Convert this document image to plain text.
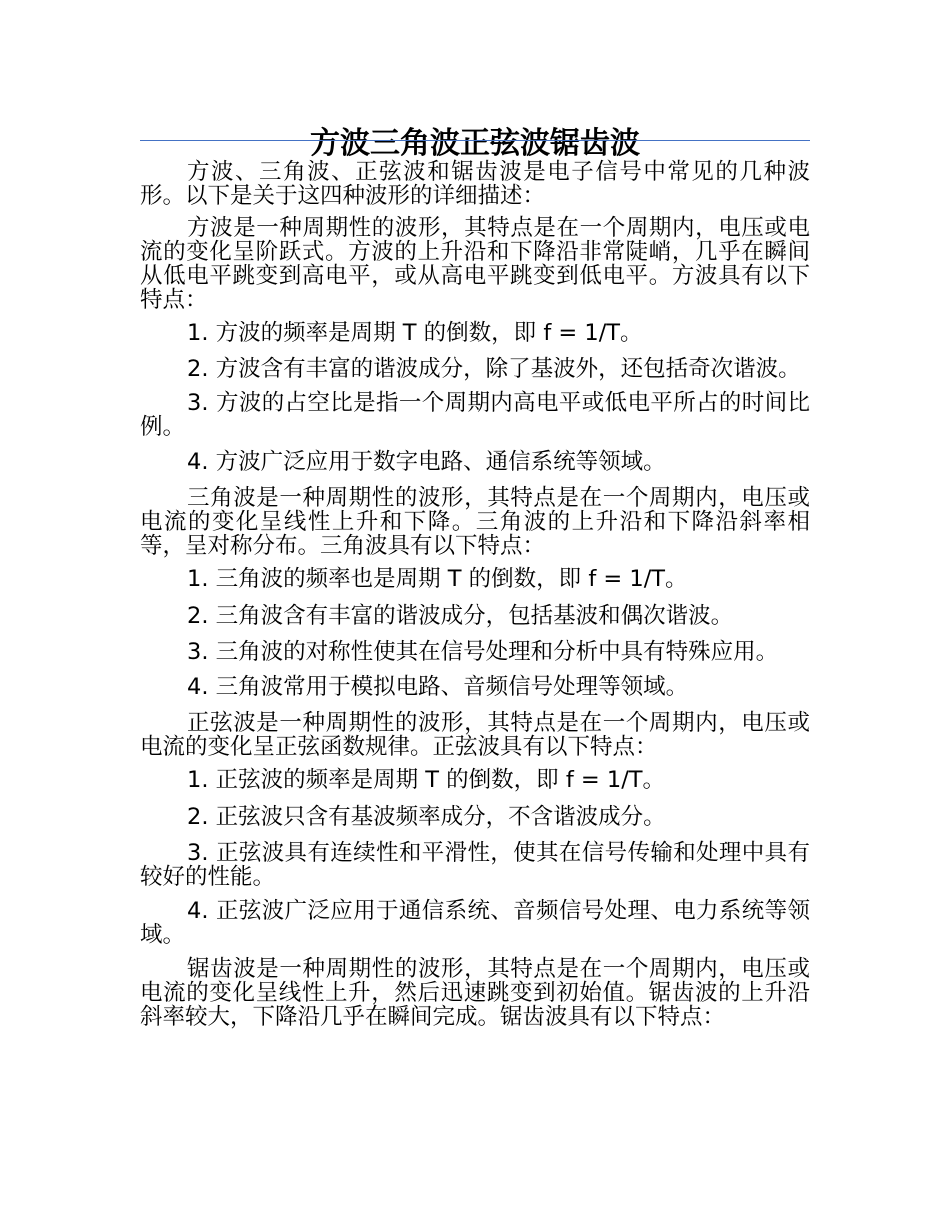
方波三角波正弦波锯齿波

方波、三角波、正弦波和锯齿波是电子信号中常见的几种波形。以下是关于这四种波形的详细描述：

方波是一种周期性的波形，其特点是在一个周期内，电压或电流的变化呈阶跃式。方波的上升沿和下降沿非常陡峭，几乎在瞬间从低电平跳变到高电平，或从高电平跳变到低电平。方波具有以下特点：

1. 方波的频率是周期 T 的倒数，即 f = 1/T。

2. 方波含有丰富的谐波成分，除了基波外，还包括奇次谐波。

3. 方波的占空比是指一个周期内高电平或低电平所占的时间比例。

4. 方波广泛应用于数字电路、通信系统等领域。

三角波是一种周期性的波形，其特点是在一个周期内，电压或电流的变化呈线性上升和下降。三角波的上升沿和下降沿斜率相等，呈对称分布。三角波具有以下特点：

1. 三角波的频率也是周期 T 的倒数，即 f = 1/T。

2. 三角波含有丰富的谐波成分，包括基波和偶次谐波。

3. 三角波的对称性使其在信号处理和分析中具有特殊应用。

4. 三角波常用于模拟电路、音频信号处理等领域。

正弦波是一种周期性的波形，其特点是在一个周期内，电压或电流的变化呈正弦函数规律。正弦波具有以下特点：

1. 正弦波的频率是周期 T 的倒数，即 f = 1/T。

2. 正弦波只含有基波频率成分，不含谐波成分。

3. 正弦波具有连续性和平滑性，使其在信号传输和处理中具有较好的性能。

4. 正弦波广泛应用于通信系统、音频信号处理、电力系统等领域。

锯齿波是一种周期性的波形，其特点是在一个周期内，电压或电流的变化呈线性上升，然后迅速跳变到初始值。锯齿波的上升沿斜率较大，下降沿几乎在瞬间完成。锯齿波具有以下特点：
